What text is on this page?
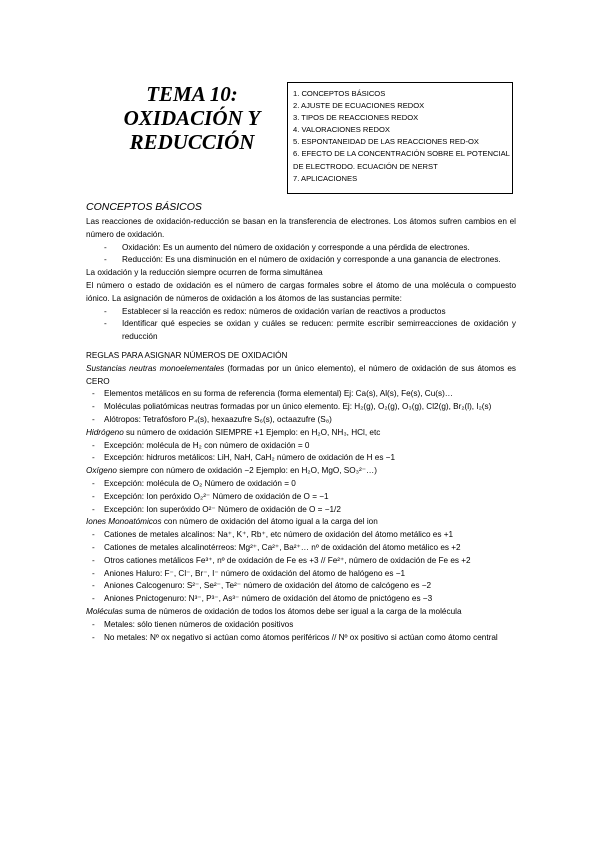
TEMA 10:
OXIDACIÓN Y
REDUCCIÓN
1. CONCEPTOS BÁSICOS
2. AJUSTE DE ECUACIONES REDOX
3. TIPOS DE REACCIONES REDOX
4. VALORACIONES REDOX
5. ESPONTANEIDAD DE LAS REACCIONES RED-OX
6. EFECTO DE LA CONCENTRACIÓN SOBRE EL POTENCIAL
DE ELECTRODO. ECUACIÓN DE NERST
7. APLICACIONES
CONCEPTOS BÁSICOS
Las reacciones de oxidación-reducción se basan en la transferencia de electrones. Los átomos sufren cambios en el número de oxidación.
- Oxidación: Es un aumento del número de oxidación y corresponde a una pérdida de electrones.
- Reducción: Es una disminución en el número de oxidación y corresponde a una ganancia de electrones.
La oxidación y la reducción siempre ocurren de forma simultánea
El número o estado de oxidación es el número de cargas formales sobre el átomo de una molécula o compuesto iónico. La asignación de números de oxidación a los átomos de las sustancias permite:
- Establecer si la reacción es redox: números de oxidación varían de reactivos a productos
- Identificar qué especies se oxidan y cuáles se reducen: permite escribir semirreacciones de oxidación y reducción
REGLAS PARA ASIGNAR NÚMEROS DE OXIDACIÓN
Sustancias neutras monoelementales (formadas por un único elemento), el número de oxidación de sus átomos es CERO
- Elementos metálicos en su forma de referencia (forma elemental) Ej: Ca(s), Al(s), Fe(s), Cu(s)…
- Moléculas poliatómicas neutras formadas por un único elemento. Ej: H₂(g), O₂(g), O₃(g), Cl2(g), Br₂(l), I₂(s)
- Alótropos: Tetrafósforo P₄(s), hexaazufre S₆(s), octaazufre (S₈)
Hidrógeno su número de oxidación SIEMPRE +1 Ejemplo: en H₂O, NH₃, HCl, etc
- Excepción: molécula de H₂ con número de oxidación = 0
- Excepción: hidruros metálicos: LiH, NaH, CaH₂ número de oxidación de H es −1
Oxígeno siempre con número de oxidación −2 Ejemplo: en H₂O, MgO, SO₃²⁻…)
- Excepción: molécula de O₂ Número de oxidación = 0
- Excepción: Ion peróxido O₂²⁻ Número de oxidación de O = −1
- Excepción: Ion superóxido O²⁻ Número de oxidación de O = −1/2
Iones Monoatómicos con número de oxidación del átomo igual a la carga del ion
- Cationes de metales alcalinos: Na⁺, K⁺, Rb⁺, etc número de oxidación del átomo metálico es +1
- Cationes de metales alcalinotérreos: Mg²⁺, Ca²⁺, Ba²⁺… nº de oxidación del átomo metálico es +2
- Otros cationes metálicos Fe³⁺, nº de oxidación de Fe es +3 // Fe²⁺, número de oxidación de Fe es +2
- Aniones Haluro: F⁻, Cl⁻, Br⁻, I⁻ número de oxidación del átomo de halógeno es −1
- Aniones Calcogenuro: S²⁻, Se²⁻, Te²⁻ número de oxidación del átomo de calcógeno es −2
- Aniones Pnictogenuro: N³⁻, P³⁻, As³⁻ número de oxidación del átomo de pnictógeno es −3
Moléculas suma de números de oxidación de todos los átomos debe ser igual a la carga de la molécula
- Metales: sólo tienen números de oxidación positivos
- No metales: Nº ox negativo si actúan como átomos periféricos // Nº ox positivo si actúan como átomo central
